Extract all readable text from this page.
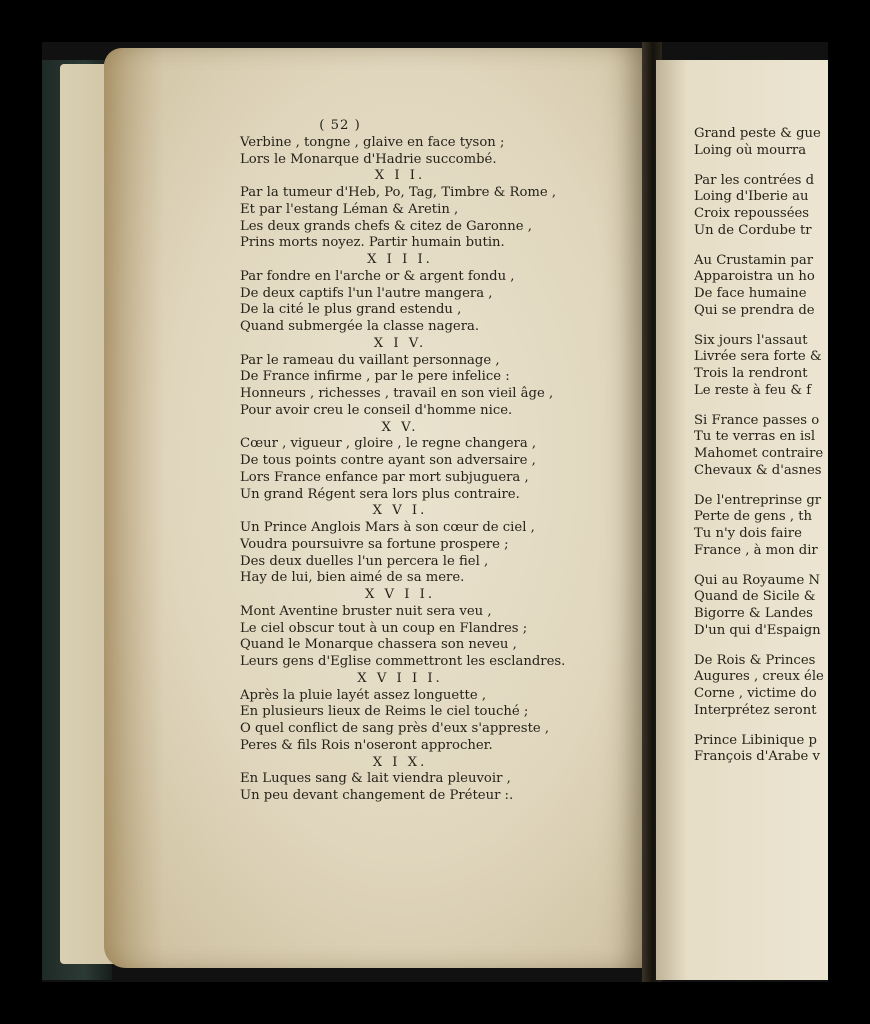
( 52 )
Verbine , tongne , glaive en face tyson ;
Lors le Monarque d'Hadrie succombé.
X I I.
Par la tumeur d'Heb, Po, Tag, Timbre & Rome ,
Et par l'estang Léman & Aretin ,
Les deux grands chefs & citez de Garonne ,
Prins morts noyez. Partir humain butin.
X I I I.
Par fondre en l'arche or & argent fondu ,
De deux captifs l'un l'autre mangera ,
De la cité le plus grand estendu ,
Quand submergée la classe nagera.
X I V.
Par le rameau du vaillant personnage ,
De France infirme , par le pere infelice :
Honneurs , richesses , travail en son vieil âge ,
Pour avoir creu le conseil d'homme nice.
X V.
Cœur , vigueur , gloire , le regne changera ,
De tous points contre ayant son adversaire ,
Lors France enfance par mort subjuguera ,
Un grand Régent sera lors plus contraire.
X V I.
Un Prince Anglois Mars à son cœur de ciel ,
Voudra poursuivre sa fortune prospere ;
Des deux duelles l'un percera le fiel ,
Hay de lui, bien aimé de sa mere.
X V I I.
Mont Aventine bruster nuit sera veu ,
Le ciel obscur tout à un coup en Flandres ;
Quand le Monarque chassera son neveu ,
Leurs gens d'Eglise commettront les esclandres.
X V I I I.
Après la pluie layét assez longuette ,
En plusieurs lieux de Reims le ciel touché ;
O quel conflict de sang près d'eux s'appreste ,
Peres & fils Rois n'oseront approcher.
X I X.
En Luques sang & lait viendra pleuvoir ,
Un peu devant changement de Préteur :.
Grand peste & gue
Loing où mourra
Par les contrées d
Loing d'Iberie au
Croix repoussées
Un de Cordube tr
Au Crustamin par
Apparoistra un ho
De face humaine
Qui se prendra de
Six jours l'assaut
Livrée sera forte &
Trois la rendront
Le reste à feu & f
Si France passes o
Tu te verras en isl
Mahomet contraire
Chevaux & d'asnes
De l'entreprinse gr
Perte de gens , th
Tu n'y dois faire
France , à mon dir
Qui au Royaume N
Quand de Sicile &
Bigorre & Landes
D'un qui d'Espaign
De Rois & Princes
Augures , creux éle
Corne , victime do
Interprétez seront
Prince Libinique p
François d'Arabe v
